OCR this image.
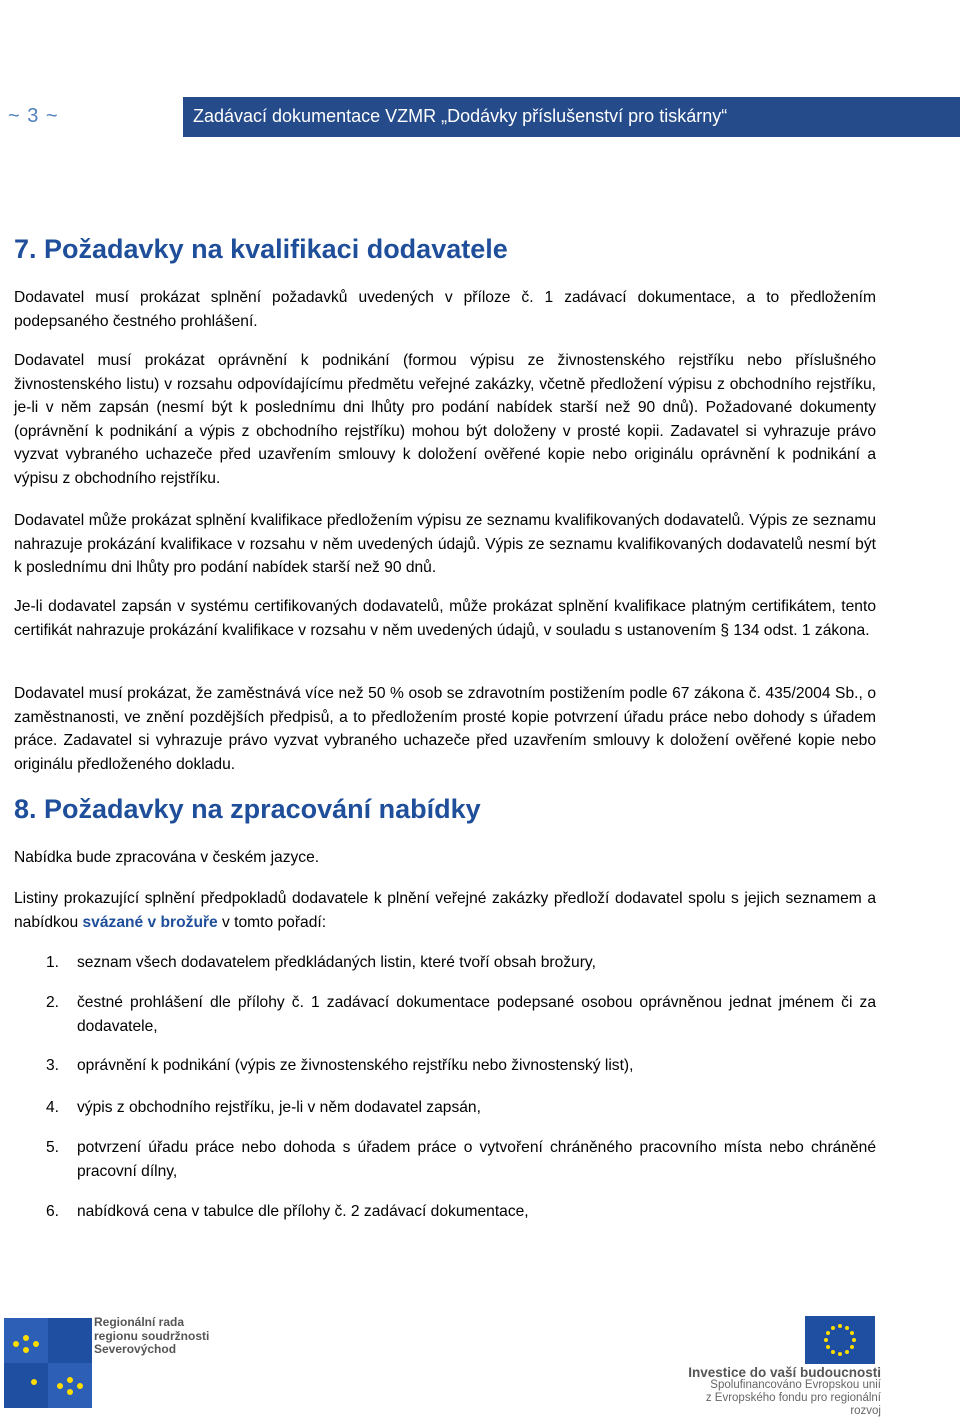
~ 3 ~	Zadávací dokumentace VZMR „Dodávky příslušenství pro tiskárny“
7. Požadavky na kvalifikaci dodavatele

Dodavatel musí prokázat splnění požadavků uvedených v příloze č. 1 zadávací dokumentace, a to předložením podepsaného čestného prohlášení.

Dodavatel musí prokázat oprávnění k podnikání (formou výpisu ze živnostenského rejstříku nebo příslušného živnostenského listu) v rozsahu odpovídajícímu předmětu veřejné zakázky, včetně předložení výpisu z obchodního rejstříku, je-li v něm zapsán (nesmí být k poslednímu dni lhůty pro podání nabídek starší než 90 dnů). Požadované dokumenty (oprávnění k podnikání a výpis z obchodního rejstříku) mohou být doloženy v prosté kopii. Zadavatel si vyhrazuje právo vyzvat vybraného uchazeče před uzavřením smlouvy k doložení ověřené kopie nebo originálu oprávnění k podnikání a výpisu z obchodního rejstříku.

Dodavatel může prokázat splnění kvalifikace předložením výpisu ze seznamu kvalifikovaných dodavatelů. Výpis ze seznamu nahrazuje prokázání kvalifikace v rozsahu v něm uvedených údajů. Výpis ze seznamu kvalifikovaných dodavatelů nesmí být k poslednímu dni lhůty pro podání nabídek starší než 90 dnů.

Je-li dodavatel zapsán v systému certifikovaných dodavatelů, může prokázat splnění kvalifikace platným certifikátem, tento certifikát nahrazuje prokázání kvalifikace v rozsahu v něm uvedených údajů, v souladu s ustanovením § 134 odst. 1 zákona.

Dodavatel musí prokázat, že zaměstnává více než 50 % osob se zdravotním postižením podle 67 zákona č. 435/2004 Sb., o zaměstnanosti, ve znění pozdějších předpisů, a to předložením prosté kopie potvrzení úřadu práce nebo dohody s úřadem práce. Zadavatel si vyhrazuje právo vyzvat vybraného uchazeče před uzavřením smlouvy k doložení ověřené kopie nebo originálu předloženého dokladu.

8. Požadavky na zpracování nabídky

Nabídka bude zpracována v českém jazyce.

Listiny prokazující splnění předpokladů dodavatele k plnění veřejné zakázky předloží dodavatel spolu s jejich seznamem a nabídkou svázané v brožuře v tomto pořadí:

1.	seznam všech dodavatelem předkládaných listin, které tvoří obsah brožury,
2.	čestné prohlášení dle přílohy č. 1 zadávací dokumentace podepsané osobou oprávněnou jednat jménem či za dodavatele,
3.	oprávnění k podnikání (výpis ze živnostenského rejstříku nebo živnostenský list),
4.	výpis z obchodního rejstříku, je-li v něm dodavatel zapsán,
5.	potvrzení úřadu práce nebo dohoda s úřadem práce o vytvoření chráněného pracovního místa nebo chráněné pracovní dílny,
6.	nabídková cena v tabulce dle přílohy č. 2 zadávací dokumentace,
Regionální rada
regionu soudržnosti
Severovýchod
Investice do vaší budoucnosti
Spolufinancováno Evropskou unií
z Evropského fondu pro regionální rozvoj
